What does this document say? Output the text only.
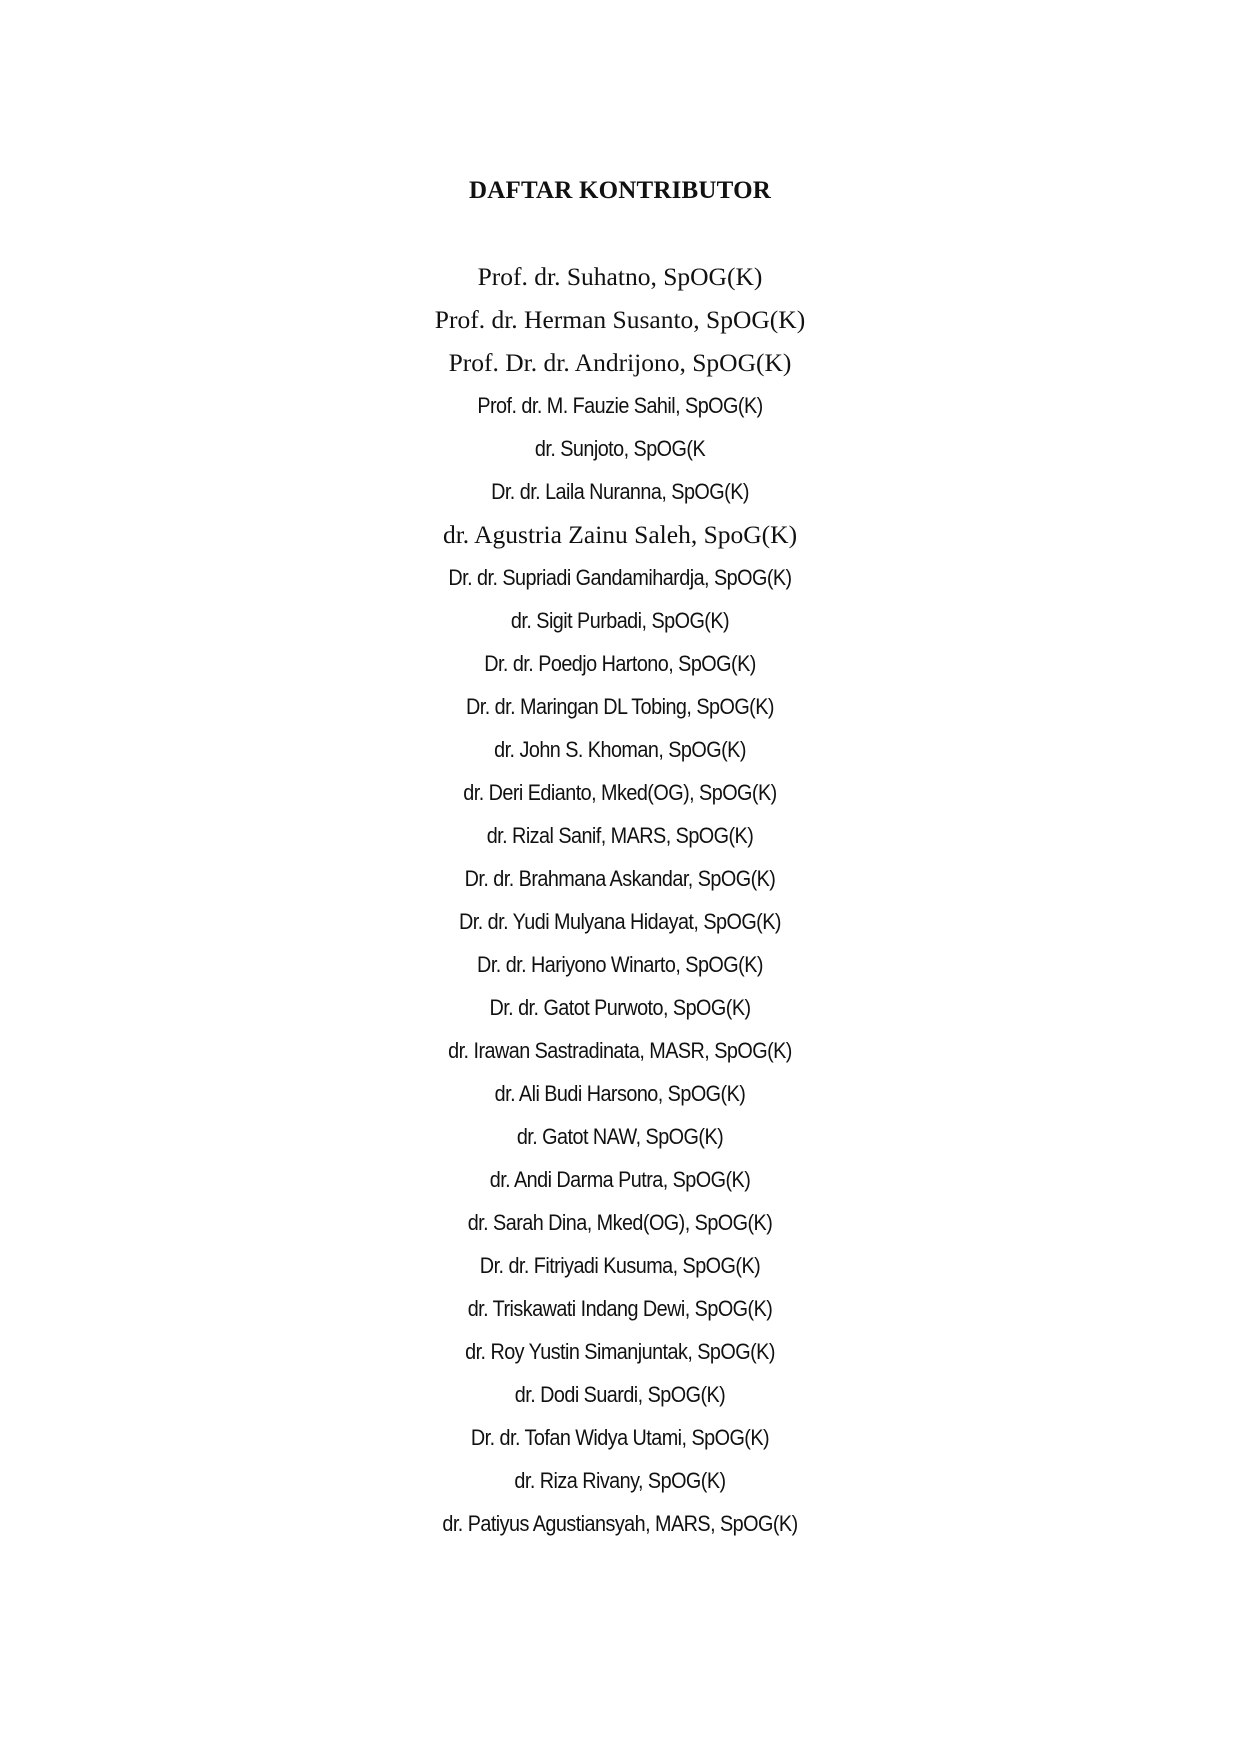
DAFTAR KONTRIBUTOR
Prof. dr. Suhatno, SpOG(K)
Prof. dr. Herman Susanto, SpOG(K)
Prof. Dr. dr. Andrijono, SpOG(K)
Prof. dr. M. Fauzie Sahil, SpOG(K)
dr. Sunjoto, SpOG(K
Dr. dr. Laila Nuranna, SpOG(K)
dr. Agustria Zainu Saleh, SpoG(K)
Dr. dr. Supriadi Gandamihardja, SpOG(K)
dr. Sigit Purbadi, SpOG(K)
Dr. dr. Poedjo Hartono, SpOG(K)
Dr. dr. Maringan DL Tobing, SpOG(K)
dr. John S. Khoman, SpOG(K)
dr. Deri Edianto, Mked(OG), SpOG(K)
dr. Rizal Sanif, MARS, SpOG(K)
Dr. dr. Brahmana Askandar, SpOG(K)
Dr. dr. Yudi Mulyana Hidayat, SpOG(K)
Dr. dr. Hariyono Winarto, SpOG(K)
Dr. dr. Gatot Purwoto, SpOG(K)
dr. Irawan Sastradinata, MASR, SpOG(K)
dr. Ali Budi Harsono, SpOG(K)
dr. Gatot NAW, SpOG(K)
dr. Andi Darma Putra, SpOG(K)
dr. Sarah Dina, Mked(OG), SpOG(K)
Dr. dr. Fitriyadi Kusuma, SpOG(K)
dr. Triskawati Indang Dewi, SpOG(K)
dr. Roy Yustin Simanjuntak, SpOG(K)
dr. Dodi Suardi, SpOG(K)
Dr. dr. Tofan Widya Utami, SpOG(K)
dr. Riza Rivany, SpOG(K)
dr. Patiyus Agustiansyah, MARS, SpOG(K)
